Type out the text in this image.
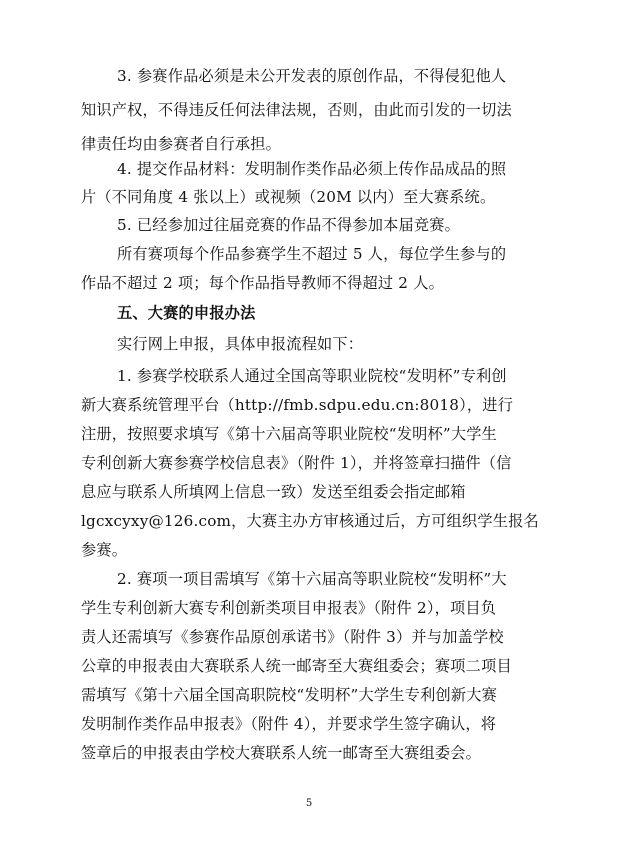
3. 参赛作品必须是未公开发表的原创作品，不得侵犯他人
知识产权，不得违反任何法律法规，否则，由此而引发的一切法
律责任均由参赛者自行承担。
4. 提交作品材料：发明制作类作品必须上传作品成品的照
片（不同角度 4 张以上）或视频（20M 以内）至大赛系统。
5. 已经参加过往届竞赛的作品不得参加本届竞赛。
所有赛项每个作品参赛学生不超过 5 人，每位学生参与的
作品不超过 2 项；每个作品指导教师不得超过 2 人。
五、大赛的申报办法
实行网上申报，具体申报流程如下：
1. 参赛学校联系人通过全国高等职业院校“发明杯”专利创
新大赛系统管理平台（http://fmb.sdpu.edu.cn:8018），进行
注册，按照要求填写《第十六届高等职业院校“发明杯”大学生
专利创新大赛参赛学校信息表》（附件 1），并将签章扫描件（信
息应与联系人所填网上信息一致）发送至组委会指定邮箱
lgcxcyxy@126.com，大赛主办方审核通过后，方可组织学生报名
参赛。
2. 赛项一项目需填写《第十六届高等职业院校“发明杯”大
学生专利创新大赛专利创新类项目申报表》（附件 2），项目负
责人还需填写《参赛作品原创承诺书》（附件 3）并与加盖学校
公章的申报表由大赛联系人统一邮寄至大赛组委会；赛项二项目
需填写《第十六届全国高职院校“发明杯”大学生专利创新大赛
发明制作类作品申报表》（附件 4），并要求学生签字确认，将
签章后的申报表由学校大赛联系人统一邮寄至大赛组委会。
5
